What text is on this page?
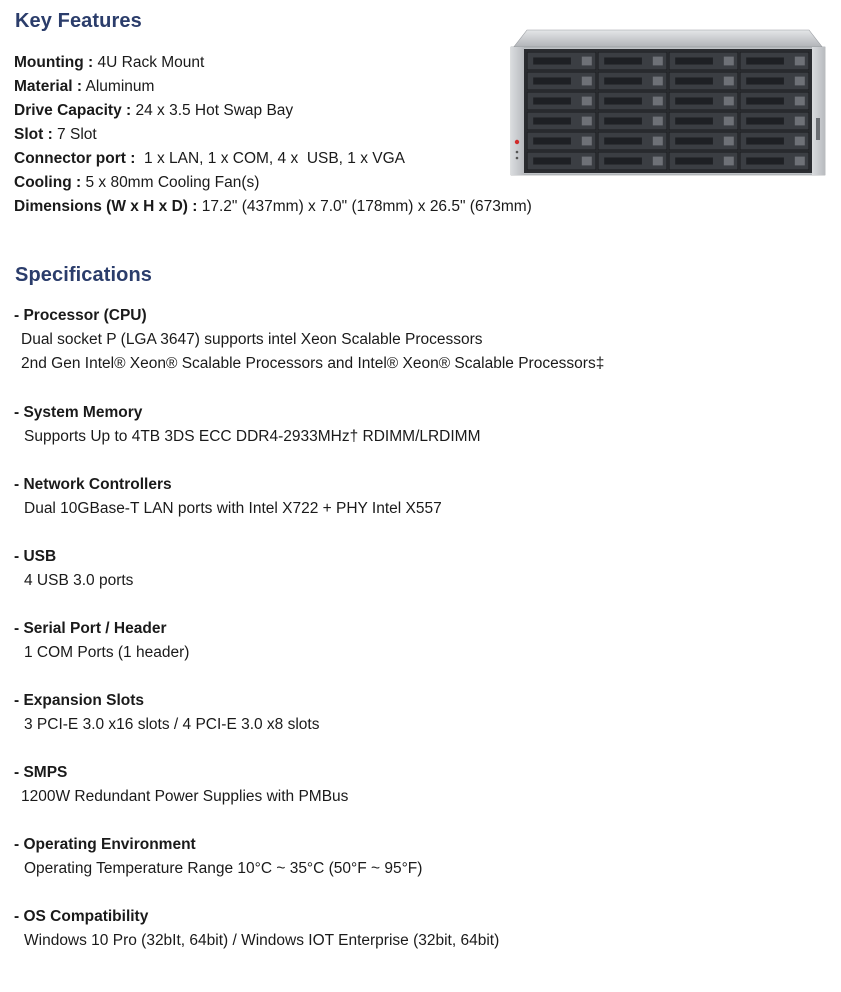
Key Features
Mounting : 4U Rack Mount
Material : Aluminum
Drive Capacity : 24 x 3.5 Hot Swap Bay
Slot : 7 Slot
Connector port :  1 x LAN, 1 x COM, 4 x  USB, 1 x VGA
Cooling : 5 x 80mm Cooling Fan(s)
Dimensions (W x H x D) : 17.2" (437mm) x 7.0" (178mm) x 26.5" (673mm)
Specifications
- Processor (CPU)
Dual socket P (LGA 3647) supports intel Xeon Scalable Processors
2nd Gen Intel® Xeon® Scalable Processors and Intel® Xeon® Scalable Processors‡
- System Memory
Supports Up to 4TB 3DS ECC DDR4-2933MHz† RDIMM/LRDIMM
- Network Controllers
Dual 10GBase-T LAN ports with Intel X722 + PHY Intel X557
- USB
4 USB 3.0 ports
- Serial Port / Header
1 COM Ports (1 header)
- Expansion Slots
3 PCI-E 3.0 x16 slots / 4 PCI-E 3.0 x8 slots
- SMPS
1200W Redundant Power Supplies with PMBus
- Operating Environment
Operating Temperature Range 10°C ~ 35°C (50°F ~ 95°F)
- OS Compatibility
Windows 10 Pro (32bIt, 64bit) / Windows IOT Enterprise (32bit, 64bit)
